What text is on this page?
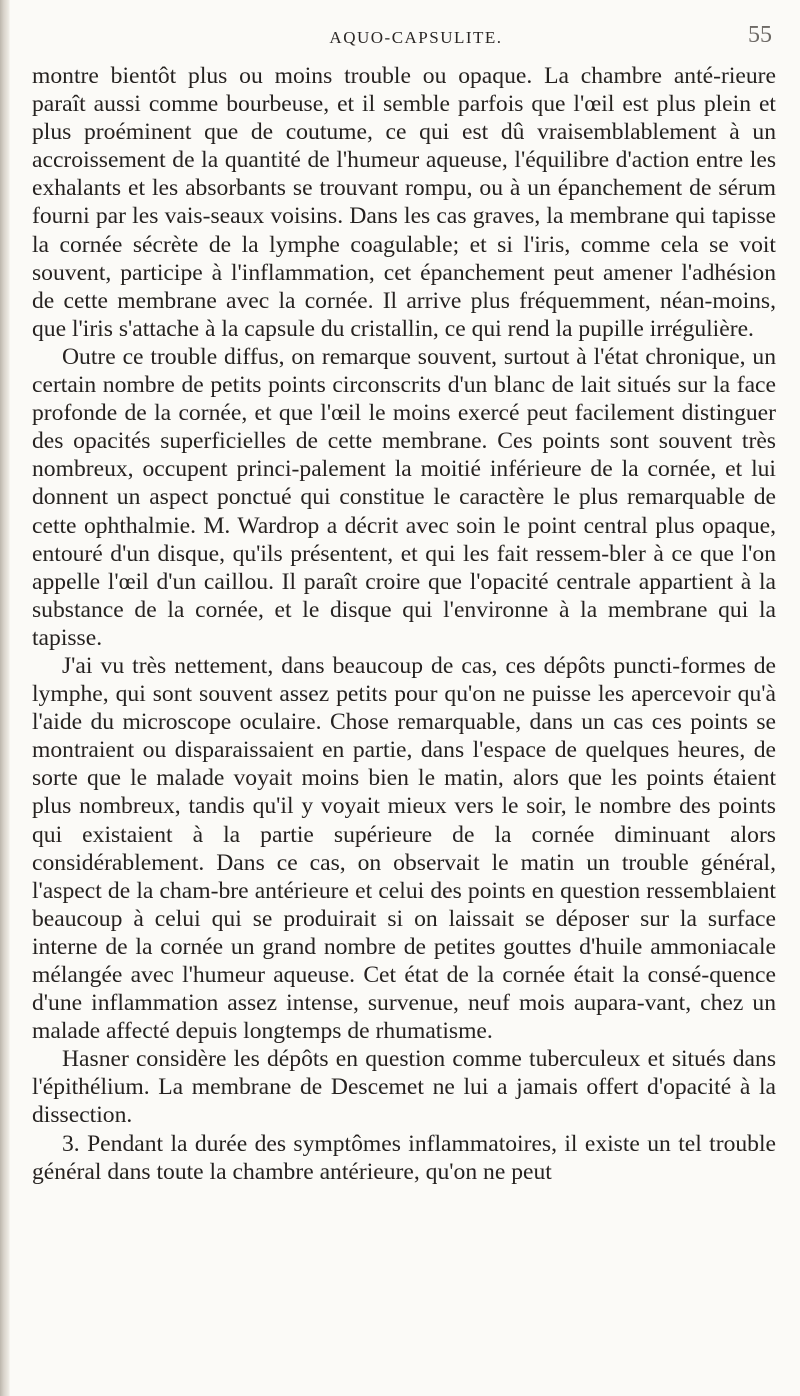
AQUO-CAPSULITE.	55

montre bientôt plus ou moins trouble ou opaque. La chambre anté-rieure paraît aussi comme bourbeuse, et il semble parfois que l'œil est plus plein et plus proéminent que de coutume, ce qui est dû vraisemblablement à un accroissement de la quantité de l'humeur aqueuse, l'équilibre d'action entre les exhalants et les absorbants se trouvant rompu, ou à un épanchement de sérum fourni par les vais-seaux voisins. Dans les cas graves, la membrane qui tapisse la cornée sécrète de la lymphe coagulable; et si l'iris, comme cela se voit souvent, participe à l'inflammation, cet épanchement peut amener l'adhésion de cette membrane avec la cornée. Il arrive plus fréquemment, néan-moins, que l'iris s'attache à la capsule du cristallin, ce qui rend la pupille irrégulière.

Outre ce trouble diffus, on remarque souvent, surtout à l'état chronique, un certain nombre de petits points circonscrits d'un blanc de lait situés sur la face profonde de la cornée, et que l'œil le moins exercé peut facilement distinguer des opacités superficielles de cette membrane. Ces points sont souvent très nombreux, occupent princi-palement la moitié inférieure de la cornée, et lui donnent un aspect ponctué qui constitue le caractère le plus remarquable de cette ophthalmie. M. Wardrop a décrit avec soin le point central plus opaque, entouré d'un disque, qu'ils présentent, et qui les fait ressem-bler à ce que l'on appelle l'œil d'un caillou. Il paraît croire que l'opacité centrale appartient à la substance de la cornée, et le disque qui l'environne à la membrane qui la tapisse.

J'ai vu très nettement, dans beaucoup de cas, ces dépôts puncti-formes de lymphe, qui sont souvent assez petits pour qu'on ne puisse les apercevoir qu'à l'aide du microscope oculaire. Chose remarquable, dans un cas ces points se montraient ou disparaissaient en partie, dans l'espace de quelques heures, de sorte que le malade voyait moins bien le matin, alors que les points étaient plus nombreux, tandis qu'il y voyait mieux vers le soir, le nombre des points qui existaient à la partie supérieure de la cornée diminuant alors considérablement. Dans ce cas, on observait le matin un trouble général, l'aspect de la cham-bre antérieure et celui des points en question ressemblaient beaucoup à celui qui se produirait si on laissait se déposer sur la surface interne de la cornée un grand nombre de petites gouttes d'huile ammoniacale mélangée avec l'humeur aqueuse. Cet état de la cornée était la consé-quence d'une inflammation assez intense, survenue, neuf mois aupara-vant, chez un malade affecté depuis longtemps de rhumatisme.

Hasner considère les dépôts en question comme tuberculeux et situés dans l'épithélium. La membrane de Descemet ne lui a jamais offert d'opacité à la dissection.

3. Pendant la durée des symptômes inflammatoires, il existe un tel trouble général dans toute la chambre antérieure, qu'on ne peut
